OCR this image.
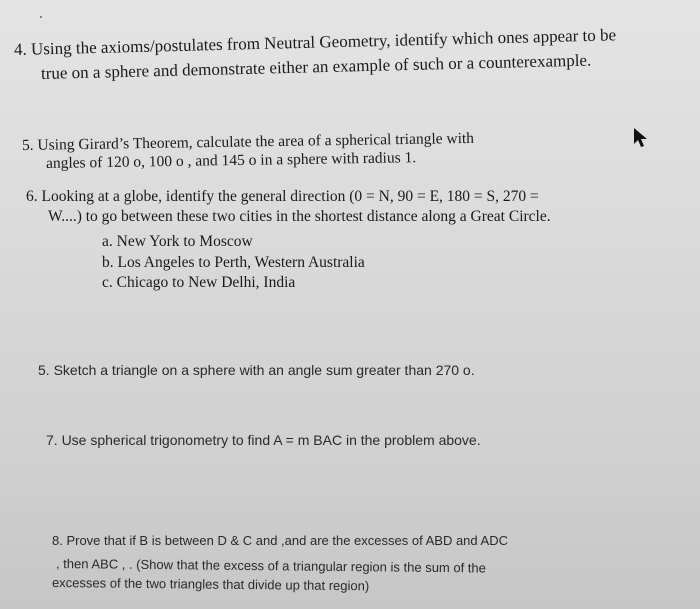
4. Using the axioms/postulates from Neutral Geometry, identify which ones appear to be
true on a sphere and demonstrate either an example of such or a counterexample.
5. Using Girard’s Theorem, calculate the area of a spherical triangle with
angles of 120 o, 100 o , and 145 o in a sphere with radius 1.
6. Looking at a globe, identify the general direction (0 = N, 90 = E, 180 = S, 270 =
W....) to go between these two cities in the shortest distance along a Great Circle.
a. New York to Moscow
b. Los Angeles to Perth, Western Australia
c. Chicago to New Delhi, India
5. Sketch a triangle on a sphere with an angle sum greater than 270 o.
7. Use spherical trigonometry to find A = m BAC in the problem above.
8. Prove that if B is between D & C and ,and are the excesses of ABD and ADC
, then ABC , . (Show that the excess of a triangular region is the sum of the
excesses of the two triangles that divide up that region)
